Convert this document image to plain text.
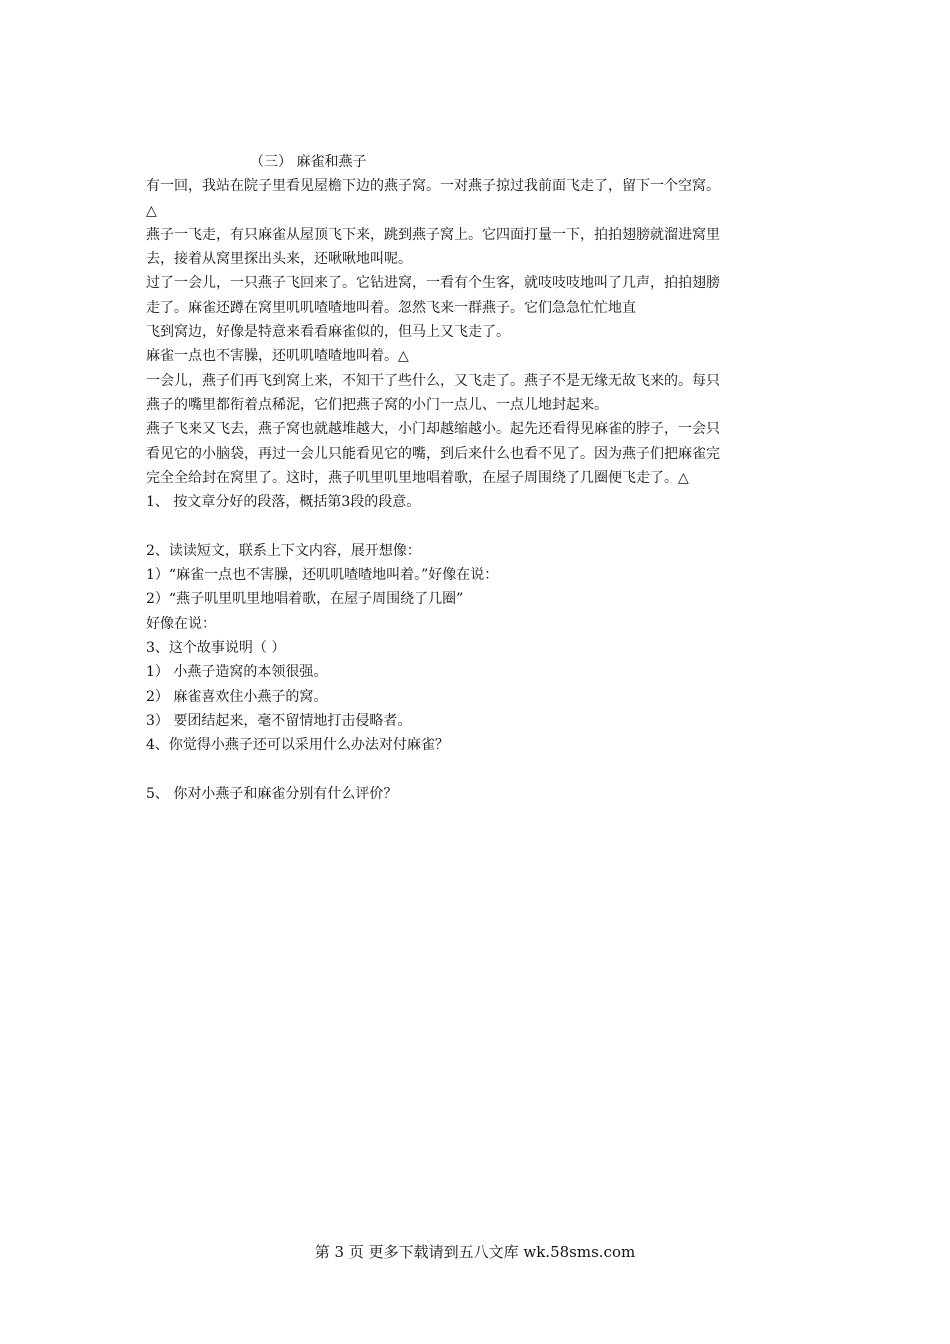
（三） 麻雀和燕子
有一回，我站在院子里看见屋檐下边的燕子窝。一对燕子掠过我前面飞走了，留下一个空窝。
△
燕子一飞走，有只麻雀从屋顶飞下来，跳到燕子窝上。它四面打量一下，拍拍翅膀就溜进窝里
去，接着从窝里探出头来，还啾啾地叫呢。
过了一会儿，一只燕子飞回来了。它钻进窝，一看有个生客，就吱吱吱地叫了几声，拍拍翅膀
走了。麻雀还蹲在窝里叽叽喳喳地叫着。忽然飞来一群燕子。它们急急忙忙地直
飞到窝边，好像是特意来看看麻雀似的，但马上又飞走了。
麻雀一点也不害臊，还叽叽喳喳地叫着。△
一会儿，燕子们再飞到窝上来，不知干了些什么，又飞走了。燕子不是无缘无故飞来的。每只
燕子的嘴里都衔着点稀泥，它们把燕子窝的小门一点儿、一点儿地封起来。
燕子飞来又飞去，燕子窝也就越堆越大，小门却越缩越小。起先还看得见麻雀的脖子，一会只
看见它的小脑袋，再过一会儿只能看见它的嘴，到后来什么也看不见了。因为燕子们把麻雀完
完全全给封在窝里了。这时，燕子叽里叽里地唱着歌，在屋子周围绕了几圈便飞走了。△
1、 按文章分好的段落，概括第3段的段意。
2、读读短文，联系上下文内容，展开想像：
1）“麻雀一点也不害臊，还叽叽喳喳地叫着。”好像在说：
2）“燕子叽里叽里地唱着歌，在屋子周围绕了几圈”
好像在说：
3、这个故事说明（ ）
1） 小燕子造窝的本领很强。
2） 麻雀喜欢住小燕子的窝。
3） 要团结起来，毫不留情地打击侵略者。
4、你觉得小燕子还可以采用什么办法对付麻雀？
5、 你对小燕子和麻雀分别有什么评价？
第 3 页 更多下载请到五八文库 wk.58sms.com
